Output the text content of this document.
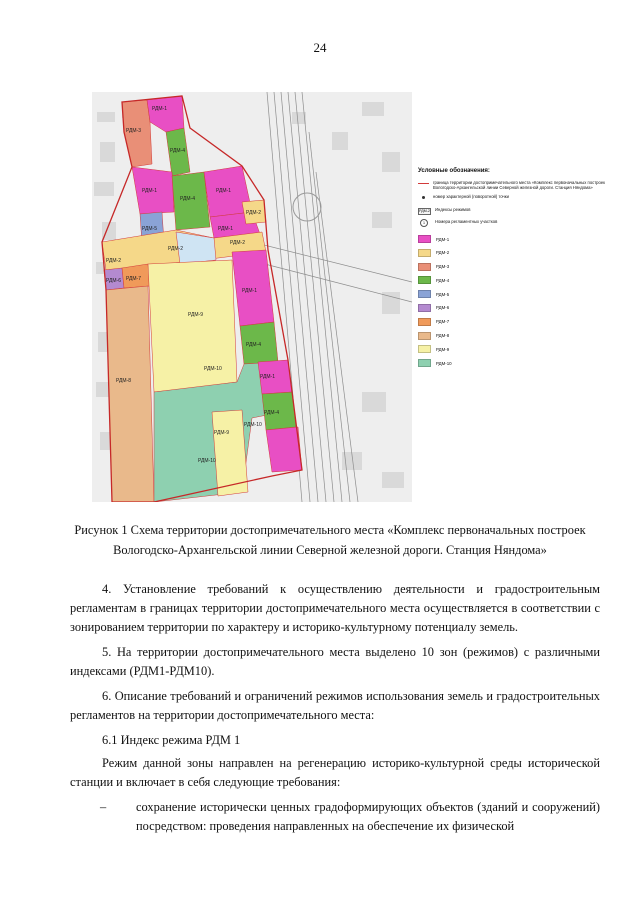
24
РДМ-1
РДМ-3
РДМ-4
РДМ-1
РДМ-4
РДМ-1
РДМ-1
РДМ-5
РДМ-2
РДМ-2
РДМ-2
РДМ-2
РДМ-6 РДМ-7
РДМ-8
РДМ-9
РДМ-1
РДМ-4
РДМ-10
РДМ-1
РДМ-4
РДМ-9
РДМ-10
РДМ-10
Условные обозначения:
граница территории достопримечательного места «Комплекс первоначальных построек Вологодско-Архангельской линии Северной железной дороги. Станция Няндома»
номер характерной (поворотной) точки
РДМ-2 Индексы режимов
1	Номера регламентных участков
РДМ-1
РДМ-2
РДМ-3
РДМ-4
РДМ-5
РДМ-6
РДМ-7
РДМ-8
РДМ-9
РДМ-10
Рисунок 1 Схема территории достопримечательного места «Комплекс первоначальных построек Вологодско-Архангельской линии Северной железной дороги. Станция Няндома»

4. Установление требований к осуществлению деятельности и градостроительным регламентам в границах территории достопримечательного места осуществляется в соответствии с зонированием территории по характеру и историко-культурному потенциалу земель.

5. На территории достопримечательного места выделено 10 зон (режимов) с различными индексами (РДМ1-РДМ10).

6. Описание требований и ограничений режимов использования земель и градостроительных регламентов на территории достопримечательного места:

6.1 Индекс режима РДМ 1

Режим данной зоны направлен на регенерацию историко-культурной среды исторической станции и включает в себя следующие требования:

–	сохранение исторически ценных градоформирующих объектов (зданий и сооружений) посредством: проведения направленных на обеспечение их физической
